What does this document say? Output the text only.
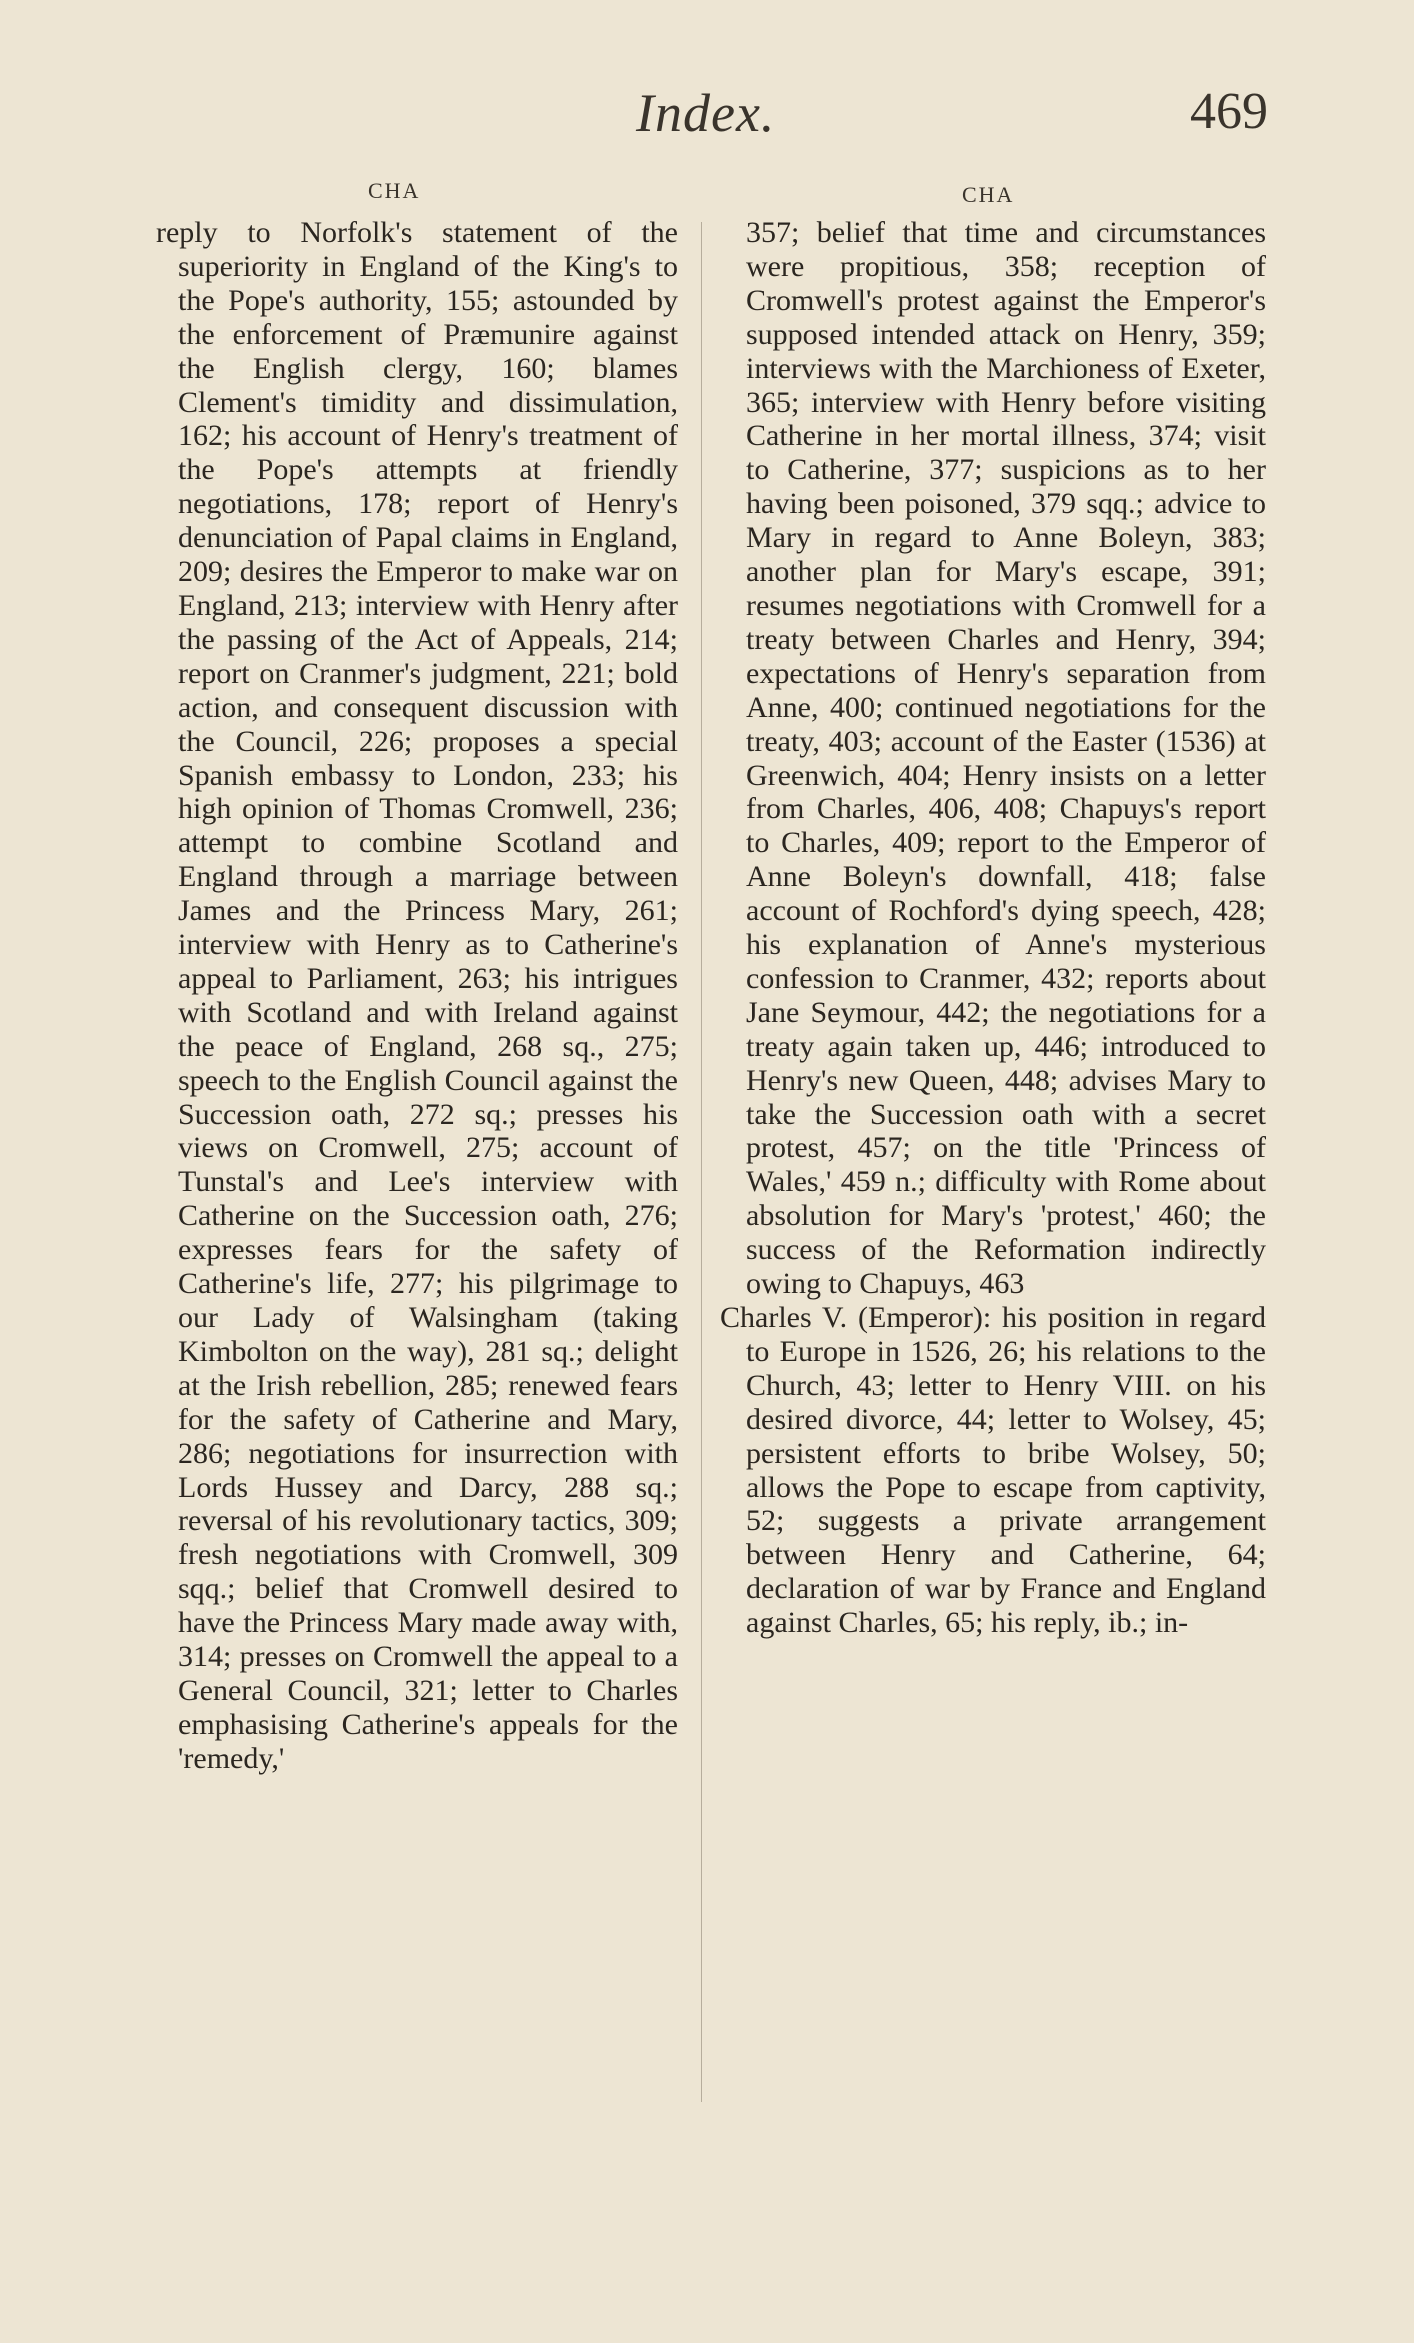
Index.	469
CHA	CHA

reply to Norfolk's statement of the superiority in England of the King's to the Pope's authority, 155; astounded by the enforcement of Præmunire against the English clergy, 160; blames Clement's timidity and dissimulation, 162; his account of Henry's treatment of the Pope's attempts at friendly negotiations, 178; report of Henry's denunciation of Papal claims in England, 209; desires the Emperor to make war on England, 213; interview with Henry after the passing of the Act of Appeals, 214; report on Cranmer's judgment, 221; bold action, and consequent discussion with the Council, 226; proposes a special Spanish embassy to London, 233; his high opinion of Thomas Cromwell, 236; attempt to combine Scotland and England through a marriage between James and the Princess Mary, 261; interview with Henry as to Catherine's appeal to Parliament, 263; his intrigues with Scotland and with Ireland against the peace of England, 268 sq., 275; speech to the English Council against the Succession oath, 272 sq.; presses his views on Cromwell, 275; account of Tunstal's and Lee's interview with Catherine on the Succession oath, 276; expresses fears for the safety of Catherine's life, 277; his pilgrimage to our Lady of Walsingham (taking Kimbolton on the way), 281 sq.; delight at the Irish rebellion, 285; renewed fears for the safety of Catherine and Mary, 286; negotiations for insurrection with Lords Hussey and Darcy, 288 sq.; reversal of his revolutionary tactics, 309; fresh negotiations with Cromwell, 309 sqq.; belief that Cromwell desired to have the Princess Mary made away with, 314; presses on Cromwell the appeal to a General Council, 321; letter to Charles emphasising Catherine's appeals for the 'remedy,'

357; belief that time and circumstances were propitious, 358; reception of Cromwell's protest against the Emperor's supposed intended attack on Henry, 359; interviews with the Marchioness of Exeter, 365; interview with Henry before visiting Catherine in her mortal illness, 374; visit to Catherine, 377; suspicions as to her having been poisoned, 379 sqq.; advice to Mary in regard to Anne Boleyn, 383; another plan for Mary's escape, 391; resumes negotiations with Cromwell for a treaty between Charles and Henry, 394; expectations of Henry's separation from Anne, 400; continued negotiations for the treaty, 403; account of the Easter (1536) at Greenwich, 404; Henry insists on a letter from Charles, 406, 408; Chapuys's report to Charles, 409; report to the Emperor of Anne Boleyn's downfall, 418; false account of Rochford's dying speech, 428; his explanation of Anne's mysterious confession to Cranmer, 432; reports about Jane Seymour, 442; the negotiations for a treaty again taken up, 446; introduced to Henry's new Queen, 448; advises Mary to take the Succession oath with a secret protest, 457; on the title 'Princess of Wales,' 459 n.; difficulty with Rome about absolution for Mary's 'protest,' 460; the success of the Reformation indirectly owing to Chapuys, 463

Charles V. (Emperor): his position in regard to Europe in 1526, 26; his relations to the Church, 43; letter to Henry VIII. on his desired divorce, 44; letter to Wolsey, 45; persistent efforts to bribe Wolsey, 50; allows the Pope to escape from captivity, 52; suggests a private arrangement between Henry and Catherine, 64; declaration of war by France and England against Charles, 65; his reply, ib.; in-
